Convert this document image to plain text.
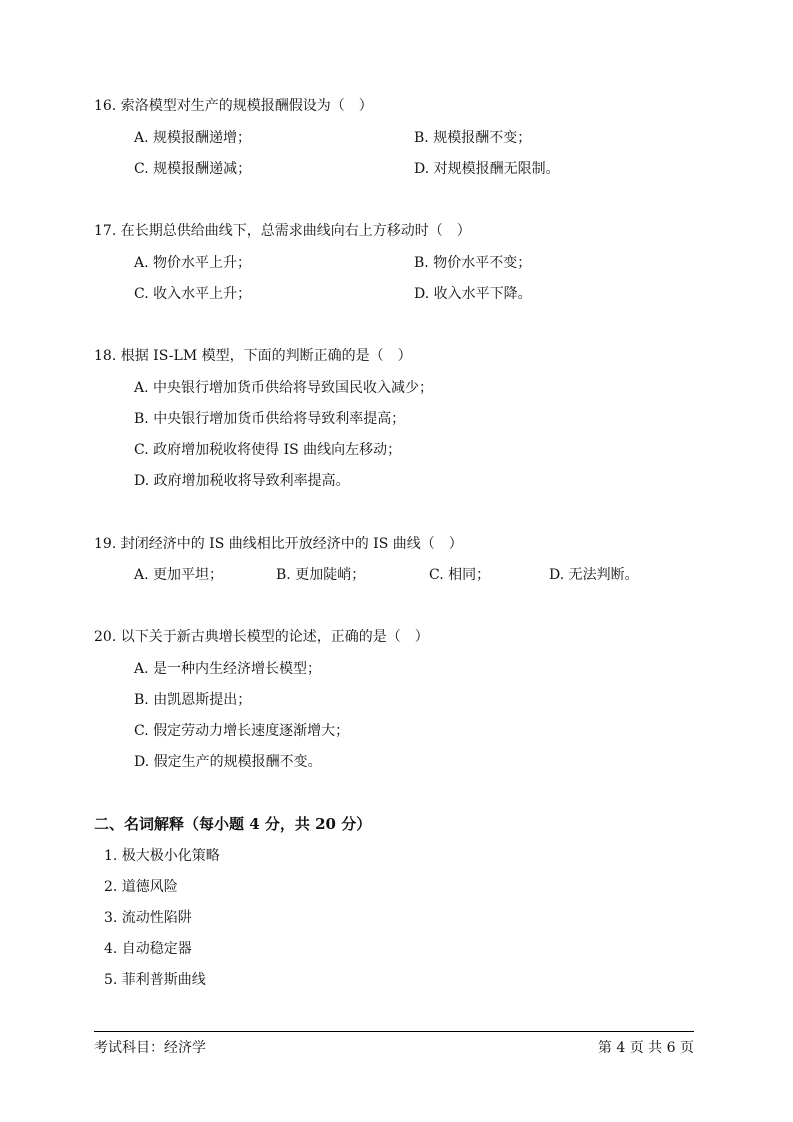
16. 索洛模型对生产的规模报酬假设为（　）
A. 规模报酬递增；	B. 规模报酬不变；
C. 规模报酬递减；	D. 对规模报酬无限制。
17. 在长期总供给曲线下，总需求曲线向右上方移动时（　）
A. 物价水平上升；	B. 物价水平不变；
C. 收入水平上升；	D. 收入水平下降。
18. 根据 IS-LM 模型，下面的判断正确的是（　）
A. 中央银行增加货币供给将导致国民收入减少；
B. 中央银行增加货币供给将导致利率提高；
C. 政府增加税收将使得 IS 曲线向左移动；
D. 政府增加税收将导致利率提高。
19. 封闭经济中的 IS 曲线相比开放经济中的 IS 曲线（　）
A. 更加平坦；	B. 更加陡峭；	C. 相同；	D. 无法判断。
20. 以下关于新古典增长模型的论述，正确的是（　）
A. 是一种内生经济增长模型；
B. 由凯恩斯提出；
C. 假定劳动力增长速度逐渐增大；
D. 假定生产的规模报酬不变。
二、名词解释（每小题 4 分，共 20 分）
1. 极大极小化策略
2. 道德风险
3. 流动性陷阱
4. 自动稳定器
5. 菲利普斯曲线
考试科目：经济学	第 4 页 共 6 页
